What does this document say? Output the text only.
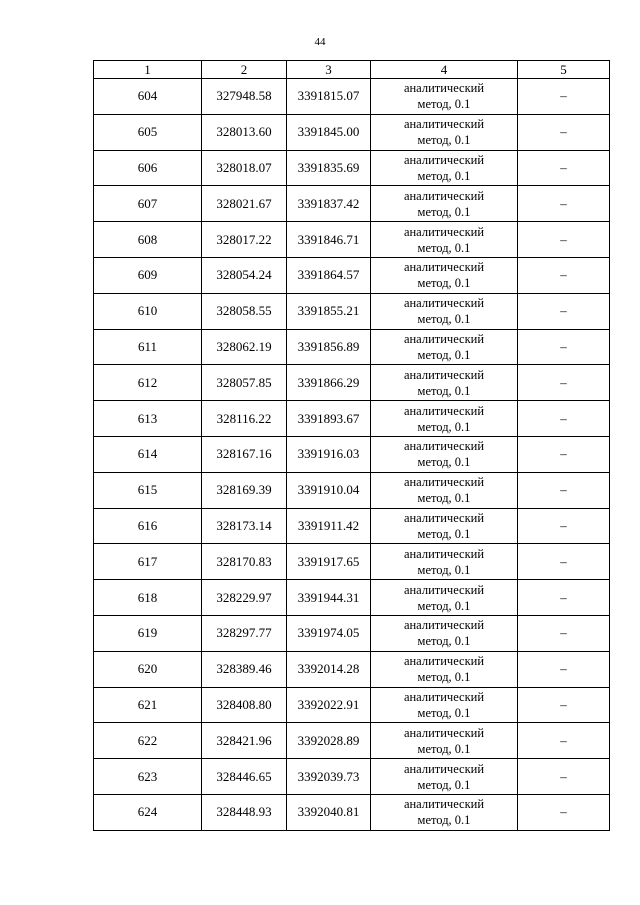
44
1	2	3	4	5
604	327948.58	3391815.07	аналитический
метод, 0.1	–
605	328013.60	3391845.00	аналитический
метод, 0.1	–
606	328018.07	3391835.69	аналитический
метод, 0.1	–
607	328021.67	3391837.42	аналитический
метод, 0.1	–
608	328017.22	3391846.71	аналитический
метод, 0.1	–
609	328054.24	3391864.57	аналитический
метод, 0.1	–
610	328058.55	3391855.21	аналитический
метод, 0.1	–
611	328062.19	3391856.89	аналитический
метод, 0.1	–
612	328057.85	3391866.29	аналитический
метод, 0.1	–
613	328116.22	3391893.67	аналитический
метод, 0.1	–
614	328167.16	3391916.03	аналитический
метод, 0.1	–
615	328169.39	3391910.04	аналитический
метод, 0.1	–
616	328173.14	3391911.42	аналитический
метод, 0.1	–
617	328170.83	3391917.65	аналитический
метод, 0.1	–
618	328229.97	3391944.31	аналитический
метод, 0.1	–
619	328297.77	3391974.05	аналитический
метод, 0.1	–
620	328389.46	3392014.28	аналитический
метод, 0.1	–
621	328408.80	3392022.91	аналитический
метод, 0.1	–
622	328421.96	3392028.89	аналитический
метод, 0.1	–
623	328446.65	3392039.73	аналитический
метод, 0.1	–
624	328448.93	3392040.81	аналитический
метод, 0.1	–
